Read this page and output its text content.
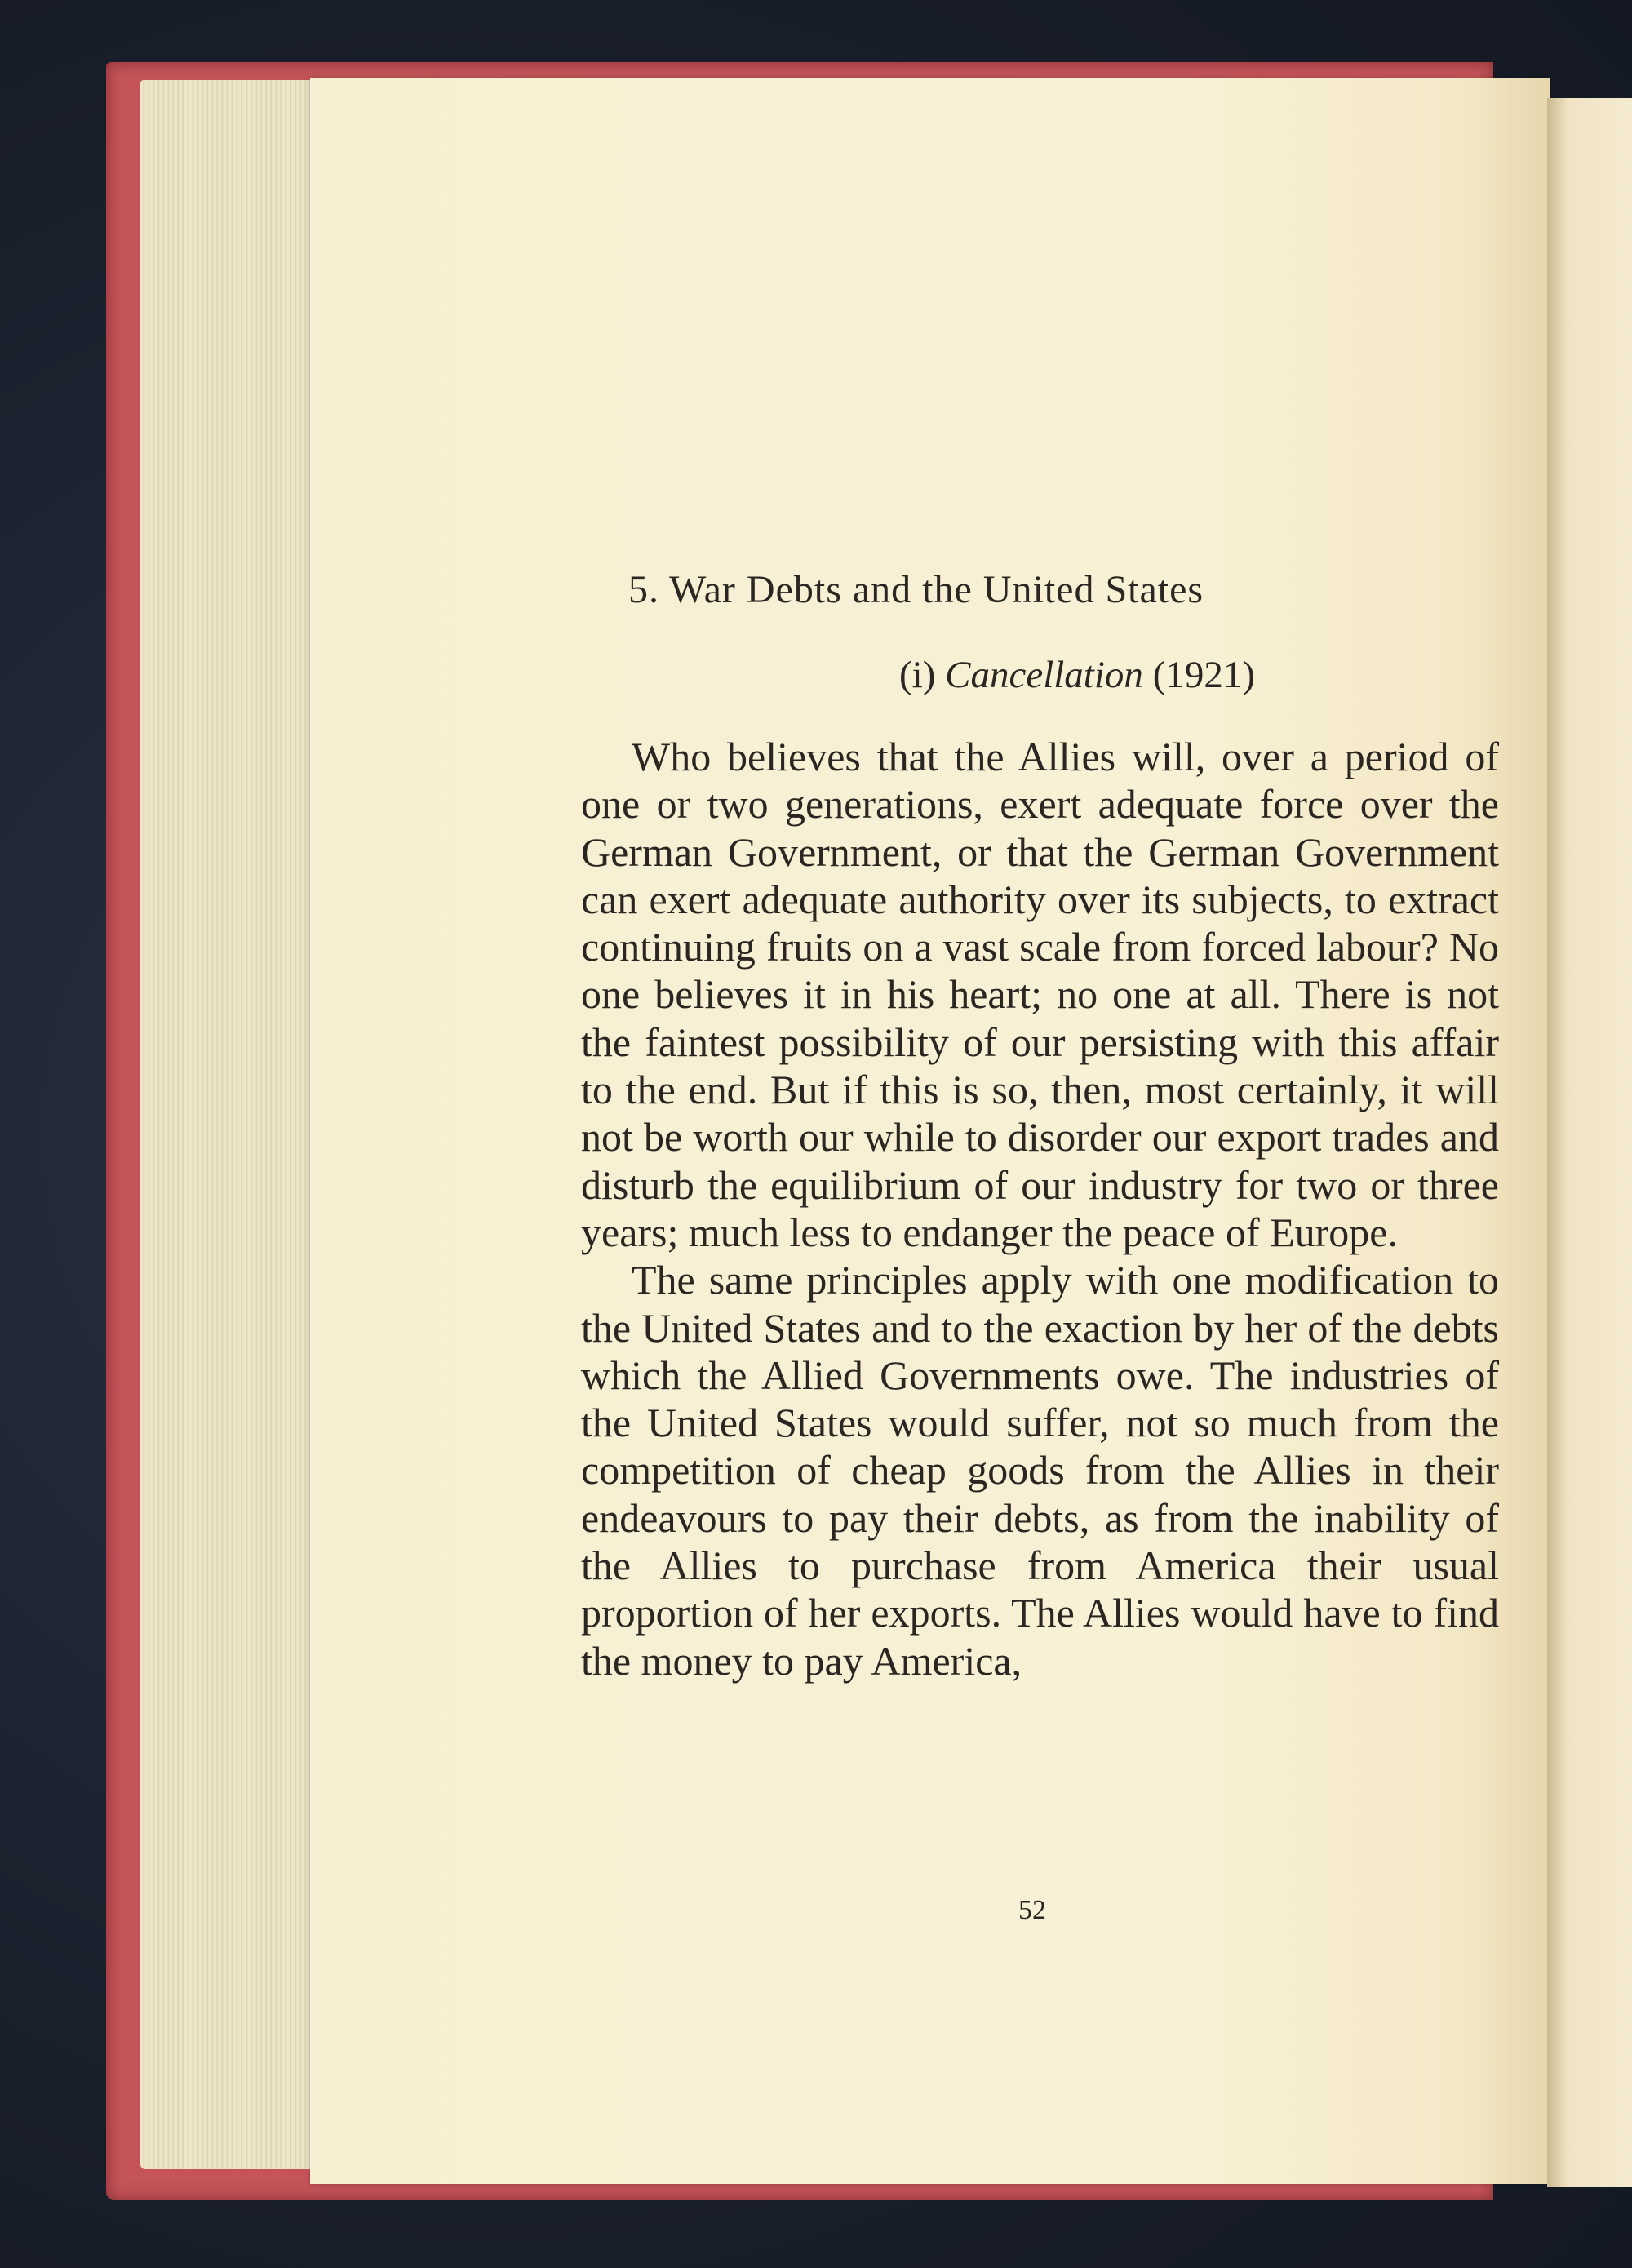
5. War Debts and the United States
(i) Cancellation (1921)

Who believes that the Allies will, over a period of one or two generations, exert adequate force over the German Government, or that the German Government can exert adequate authority over its subjects, to extract continuing fruits on a vast scale from forced labour? No one believes it in his heart; no one at all. There is not the faintest possibility of our persisting with this affair to the end. But if this is so, then, most certainly, it will not be worth our while to disorder our export trades and disturb the equilibrium of our industry for two or three years; much less to endanger the peace of Europe.

The same principles apply with one modification to the United States and to the exaction by her of the debts which the Allied Governments owe. The industries of the United States would suffer, not so much from the competition of cheap goods from the Allies in their endeavours to pay their debts, as from the inability of the Allies to purchase from America their usual proportion of her exports. The Allies would have to find the money to pay America,

52
